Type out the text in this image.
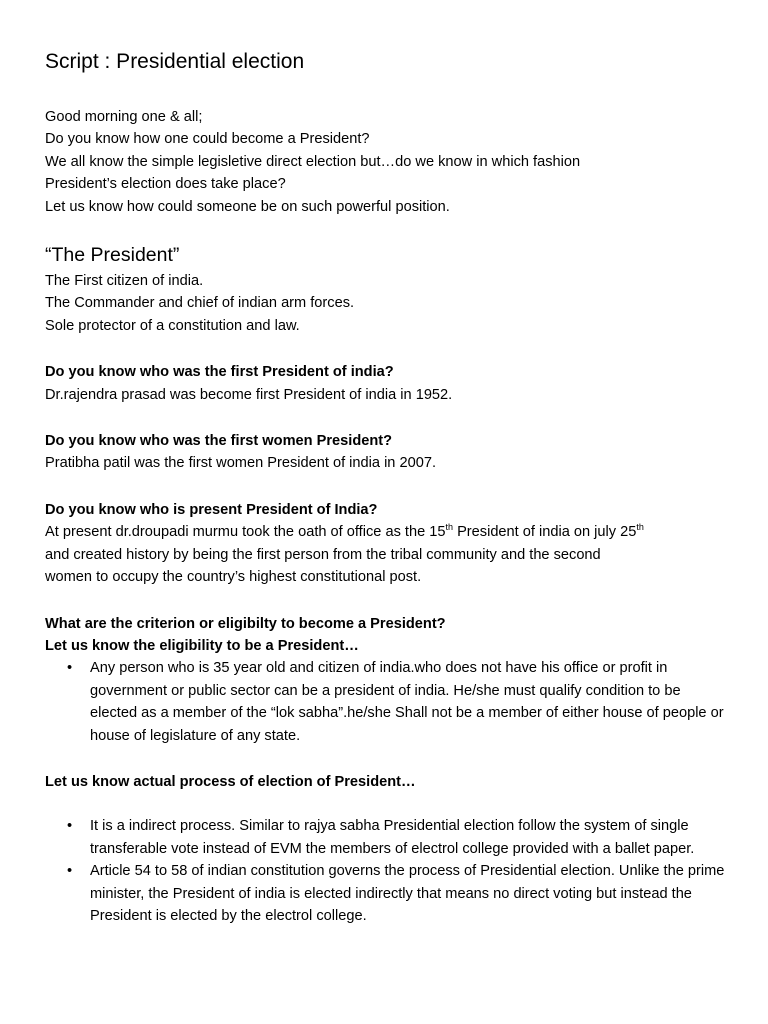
Script : Presidential election

Good morning one & all;

Do you know how one could become a President?

We all know the simple legisletive direct election but…do we know in which fashion

President’s election does take place?

Let us know how could someone be on such powerful position.

“The President”

The First citizen of india.

The Commander and chief of indian arm forces.

Sole protector of a constitution and law.

Do you know who was the first President of india?

Dr.rajendra prasad was become first President of india in 1952.

Do you know who was the first women President?

Pratibha patil was the first women President of india in 2007.

Do you know who is present President of India?

At present dr.droupadi murmu took the oath of office as the 15th President of india on july 25th

and created history by being the first person from the tribal community and the second

women to occupy the country’s highest constitutional post.

What are the criterion or eligibilty to become a President?

Let us know the eligibility to be a President…

• Any person who is 35 year old and citizen of india.who does not have his office or profit in government or public sector can be a president of india. He/she must qualify condition to be elected as a member of the “lok sabha”.he/she Shall not be a member of either house of people or house of legislature of any state.

Let us know actual process of election of President…

• It is a indirect process. Similar to rajya sabha Presidential election follow the system of single transferable vote instead of EVM the members of electrol college provided with a ballet paper.
• Article 54 to 58 of indian constitution governs the process of Presidential election. Unlike the prime minister, the President of india is elected indirectly that means no direct voting but instead the President is elected by the electrol college.
